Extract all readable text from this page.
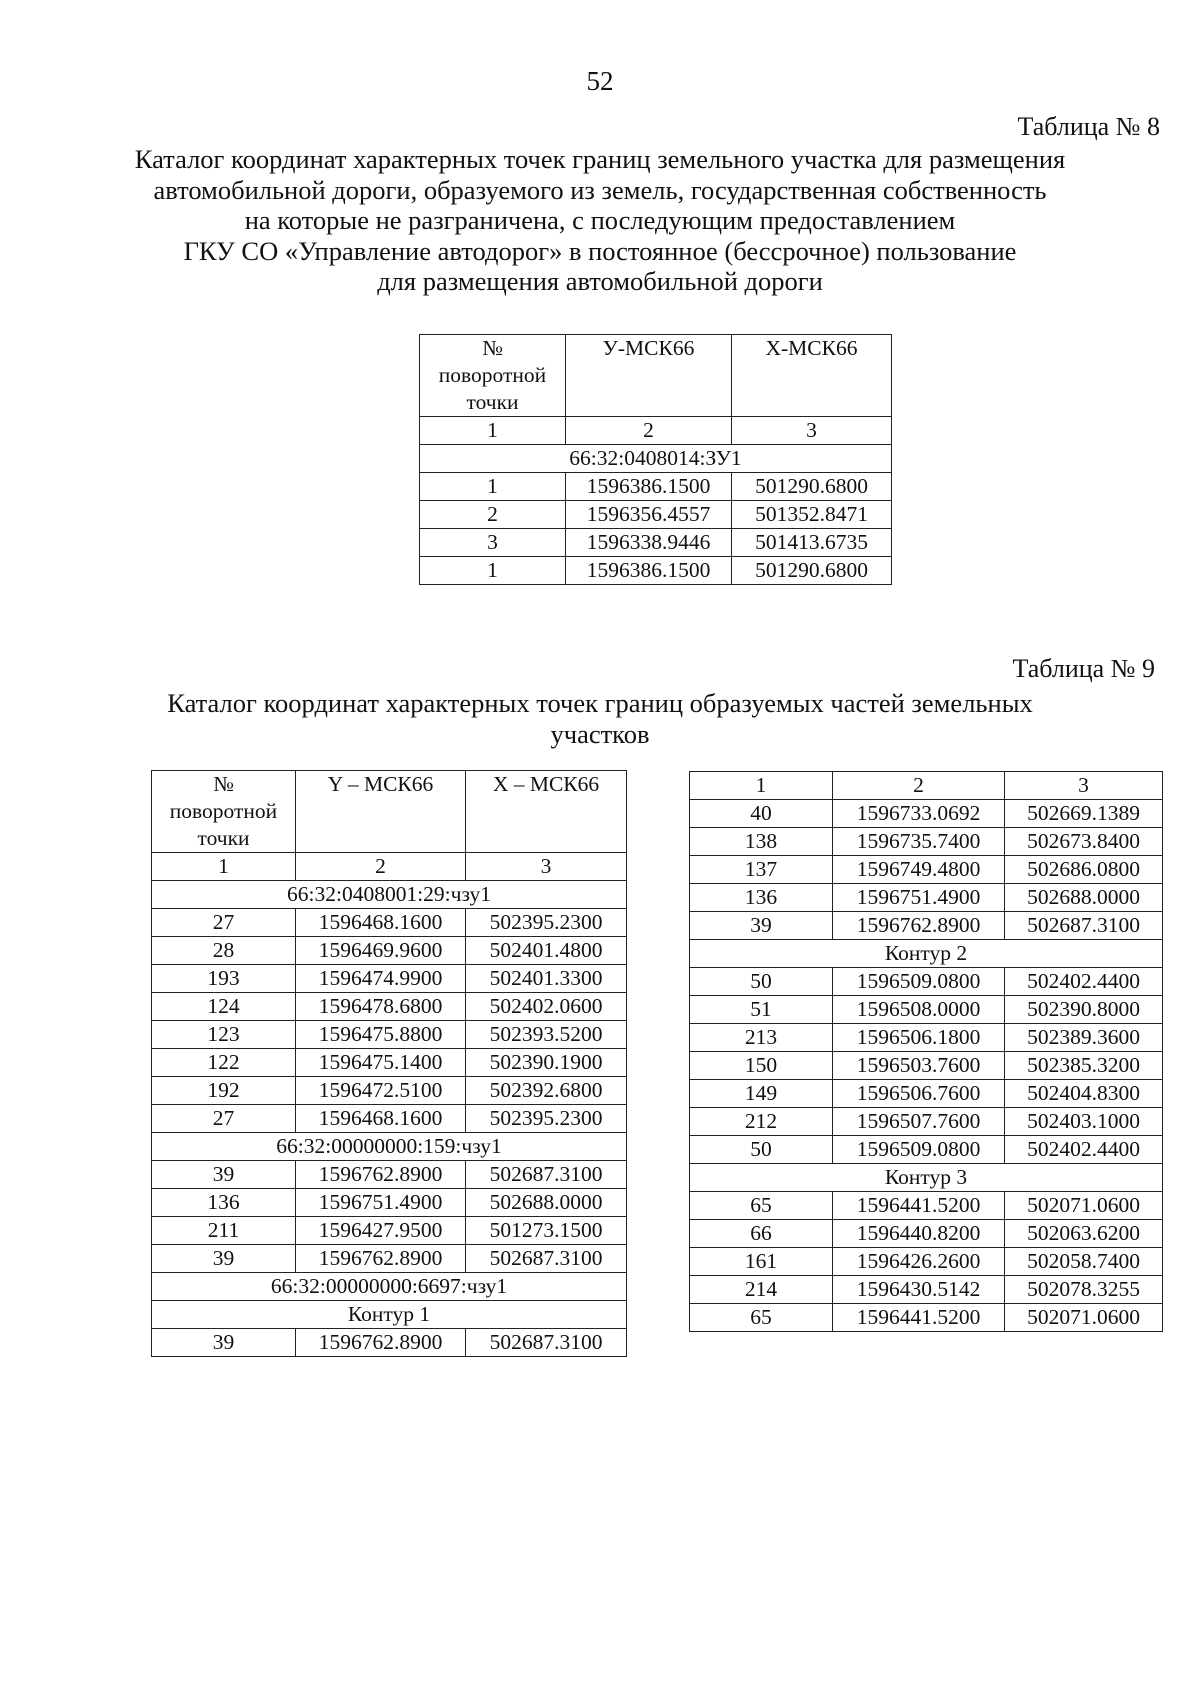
52
Таблица № 8
Каталог координат характерных точек границ земельного участка для размещения
автомобильной дороги, образуемого из земель, государственная собственность
на которые не разграничена, с последующим предоставлением
ГКУ СО «Управление автодорог» в постоянное (бессрочное) пользование
для размещения автомобильной дороги
№
поворотной
точки	У-МСК66	Х-МСК66
1	2	3
66:32:0408014:ЗУ1		
1	1596386.1500	501290.6800
2	1596356.4557	501352.8471
3	1596338.9446	501413.6735
1	1596386.1500	501290.6800
Таблица № 9
Каталог координат характерных точек границ образуемых частей земельных
участков
№
поворотной
точки	Y – МСК66	X – МСК66
1	2	3
66:32:0408001:29:чзу1		
27	1596468.1600	502395.2300
28	1596469.9600	502401.4800
193	1596474.9900	502401.3300
124	1596478.6800	502402.0600
123	1596475.8800	502393.5200
122	1596475.1400	502390.1900
192	1596472.5100	502392.6800
27	1596468.1600	502395.2300
66:32:00000000:159:чзу1		
39	1596762.8900	502687.3100
136	1596751.4900	502688.0000
211	1596427.9500	501273.1500
39	1596762.8900	502687.3100
66:32:00000000:6697:чзу1		
Контур 1		
39	1596762.8900	502687.3100
1	2	3
40	1596733.0692	502669.1389
138	1596735.7400	502673.8400
137	1596749.4800	502686.0800
136	1596751.4900	502688.0000
39	1596762.8900	502687.3100
Контур 2		
50	1596509.0800	502402.4400
51	1596508.0000	502390.8000
213	1596506.1800	502389.3600
150	1596503.7600	502385.3200
149	1596506.7600	502404.8300
212	1596507.7600	502403.1000
50	1596509.0800	502402.4400
Контур 3		
65	1596441.5200	502071.0600
66	1596440.8200	502063.6200
161	1596426.2600	502058.7400
214	1596430.5142	502078.3255
65	1596441.5200	502071.0600
